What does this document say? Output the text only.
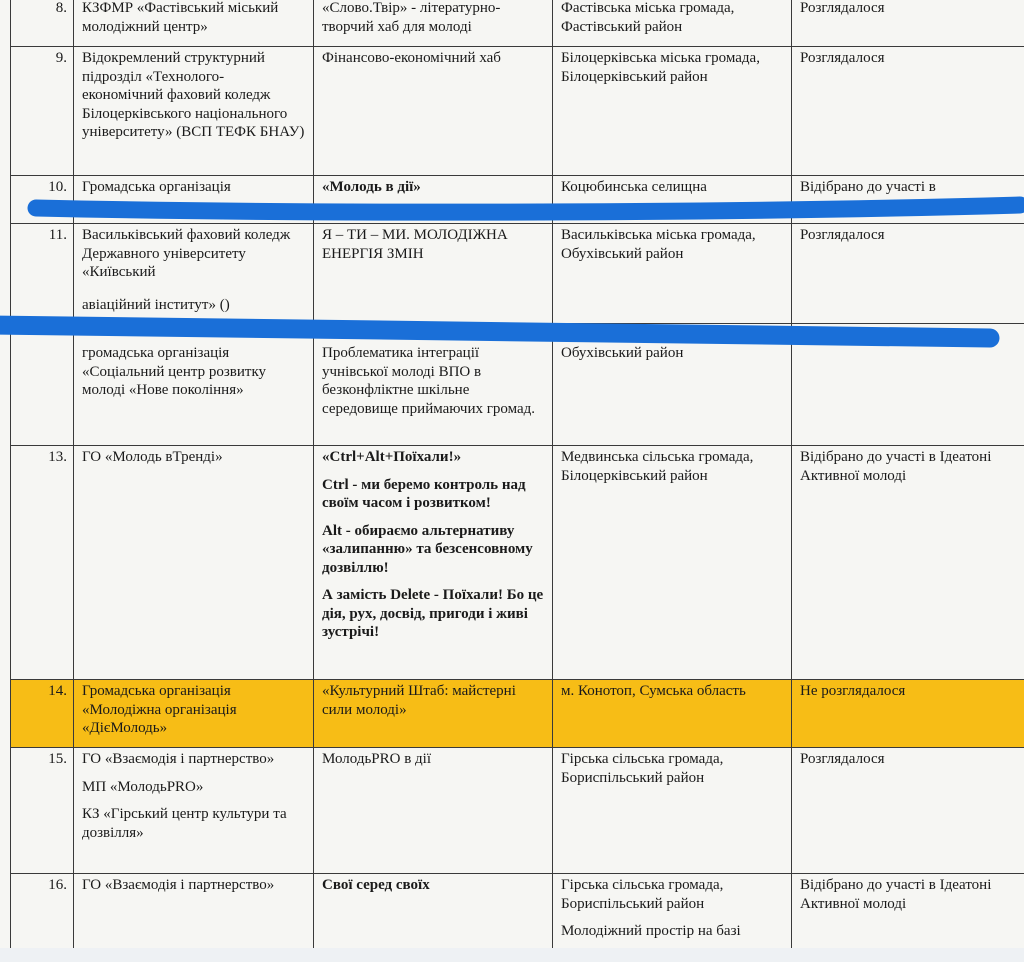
8.	КЗФМР «Фастівський міський молодіжний центр»	«Слово.Твір» - літературно-творчий хаб для молоді	Фастівська міська громада, Фастівський район	Розглядалося
9.	Відокремлений структурний підрозділ «Технолого-економічний фаховий коледж Білоцерківського національного університету» (ВСП ТЕФК БНАУ)	Фінансово-економічний хаб	Білоцерківська міська громада, Білоцерківський район	Розглядалося
10.	Громадська організація	«Молодь в дії»	Коцюбинська селищна	Відібрано до участі в
11.	Васильківський фаховий коледж Державного університету «Київський

авіаційний інститут» ()	Я – ТИ – МИ. МОЛОДІЖНА ЕНЕРГІЯ ЗМІН	Васильківська міська громада, Обухівський район	Розглядалося

	громадська організація «Соціальний центр розвитку молоді «Нове покоління»	Проблематика інтеграції учнівської молоді ВПО в безконфліктне шкільне середовище приймаючих громад.	Обухівський район	

13.	ГО «Молодь вТренді»	«Ctrl+Alt+Поїхали!»

Ctrl - ми беремо контроль над своїм часом і розвитком!

Alt - обираємо альтернативу «залипанню» та безсенсовному дозвіллю!

А замість Delete - Поїхали! Бо це дія, рух, досвід, пригоди і живі зустрічі!	Медвинська сільська громада, Білоцерківський район	Відібрано до участі в Ідеатоні Активної молоді
14.	Громадська організація «Молодіжна організація «ДієМолодь»	«Культурний Штаб: майстерні сили молоді»	м. Конотоп, Сумська область	Не розглядалося
15.	ГО «Взаємодія і партнерство»

МП «МолодьPRO»

КЗ «Гірський центр культури та дозвілля»	МолодьPRO в дії	Гірська сільська громада, Бориспільський район	Розглядалося
16.	ГО «Взаємодія і партнерство»	Свої серед своїх	Гірська сільська громада, Бориспільський район

Молодіжний простір на базі	Відібрано до участі в Ідеатоні Активної молоді
